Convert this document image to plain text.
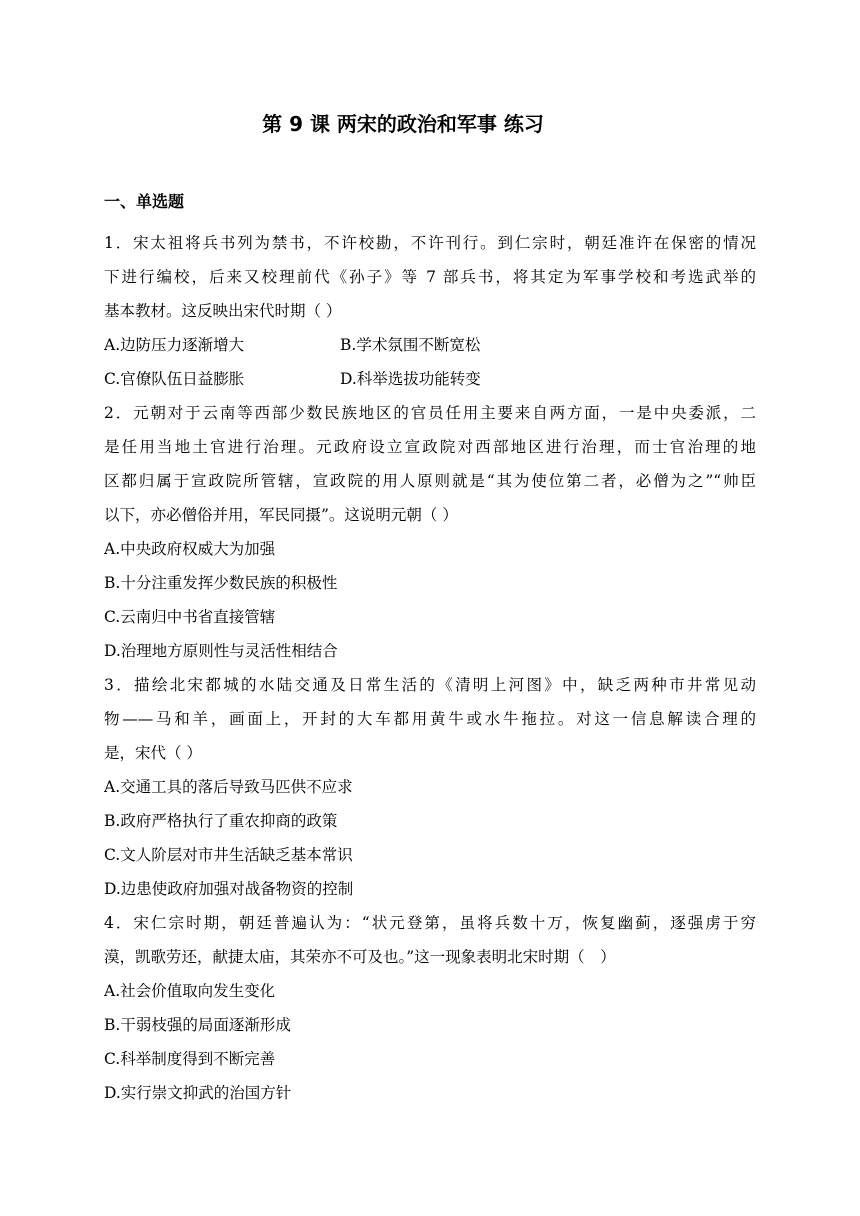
第 9 课 两宋的政治和军事 练习
一、单选题
1．宋太祖将兵书列为禁书，不许校勘，不许刊行。到仁宗时，朝廷准许在保密的情况
下进行编校，后来又校理前代《孙子》等 7 部兵书，将其定为军事学校和考选武举的
基本教材。这反映出宋代时期（ ）
A.边防压力逐渐增大	B.学术氛围不断宽松
C.官僚队伍日益膨胀	D.科举选拔功能转变
2．元朝对于云南等西部少数民族地区的官员任用主要来自两方面，一是中央委派，二
是任用当地土官进行治理。元政府设立宣政院对西部地区进行治理，而士官治理的地
区都归属于宣政院所管辖，宣政院的用人原则就是“其为使位第二者，必僧为之”“帅臣
以下，亦必僧俗并用，军民同摄”。这说明元朝（ ）
A.中央政府权威大为加强
B.十分注重发挥少数民族的积极性
C.云南归中书省直接管辖
D.治理地方原则性与灵活性相结合
3．描绘北宋都城的水陆交通及日常生活的《清明上河图》中，缺乏两种市井常见动
物——马和羊，画面上，开封的大车都用黄牛或水牛拖拉。对这一信息解读合理的
是，宋代（ ）
A.交通工具的落后导致马匹供不应求
B.政府严格执行了重农抑商的政策
C.文人阶层对市井生活缺乏基本常识
D.边患使政府加强对战备物资的控制
4．宋仁宗时期，朝廷普遍认为：“状元登第，虽将兵数十万，恢复幽蓟，逐强虏于穷
漠，凯歌劳还，献捷太庙，其荣亦不可及也。”这一现象表明北宋时期（　）
A.社会价值取向发生变化
B.干弱枝强的局面逐渐形成
C.科举制度得到不断完善
D.实行崇文抑武的治国方针
